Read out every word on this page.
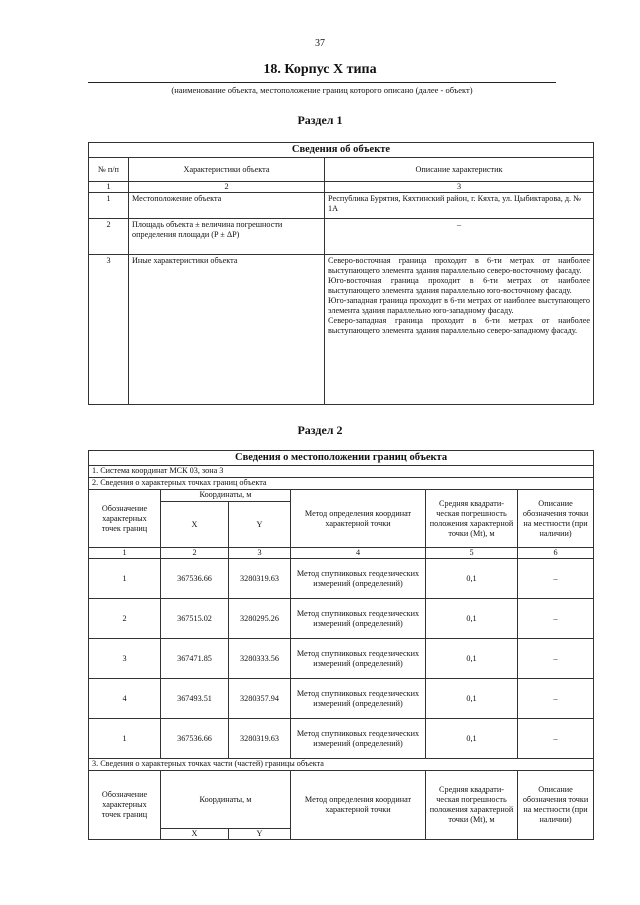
37
18. Корпус Х типа
(наименование объекта, местоположение границ которого описано (далее - объект)
Раздел 1
Сведения об объекте		
№ п/п	Характеристики объекта	Описание характеристик
1	2	3
1	Местоположение объекта	Республика Бурятия, Кяхтинский район, г. Кяхта, ул. Цыбиктарова, д. № 1А
2	Площадь объекта ± величина погрешности определения площади (P ± ΔP)	–
3	Иные характеристики объекта	Северо-восточная граница проходит в 6-ти метрах от наиболее выступающего элемента здания параллельно северо-восточному фасаду.
Юго-восточная граница проходит в 6-ти метрах от наиболее выступающего элемента здания параллельно юго-восточному фасаду.
Юго-западная граница проходит в 6-ти метрах от наиболее выступающего элемента здания параллельно юго-западному фасаду.
Северо-западная граница проходит в 6-ти метрах от наиболее выступающего элемента здания параллельно северо-западному фасаду.
Раздел 2
Сведения о местоположении границ объекта					
1. Система координат МСК 03, зона 3					
2. Сведения о характерных точках границ объекта					
Обозначение характерных точек границ	Координаты, м		Метод определения координат характерной точки	Средняя квадрати-ческая погрешность положения характерной точки (Mt), м	Описание обозначения точки на местности (при наличии)
	X	Y			
1	2	3	4	5	6
1	367536.66	3280319.63	Метод спутниковых геодезических измерений (определений)	0,1	–
2	367515.02	3280295.26	Метод спутниковых геодезических измерений (определений)	0,1	–
3	367471.85	3280333.56	Метод спутниковых геодезических измерений (определений)	0,1	–
4	367493.51	3280357.94	Метод спутниковых геодезических измерений (определений)	0,1	–
1	367536.66	3280319.63	Метод спутниковых геодезических измерений (определений)	0,1	–
3. Сведения о характерных точках части (частей) границы объекта					
Обозначение характерных точек границ	Координаты, м		Метод определения координат характерной точки	Средняя квадрати-ческая погрешность положения характерной точки (Mt), м	Описание обозначения точки на местности (при наличии)
	X	Y			
